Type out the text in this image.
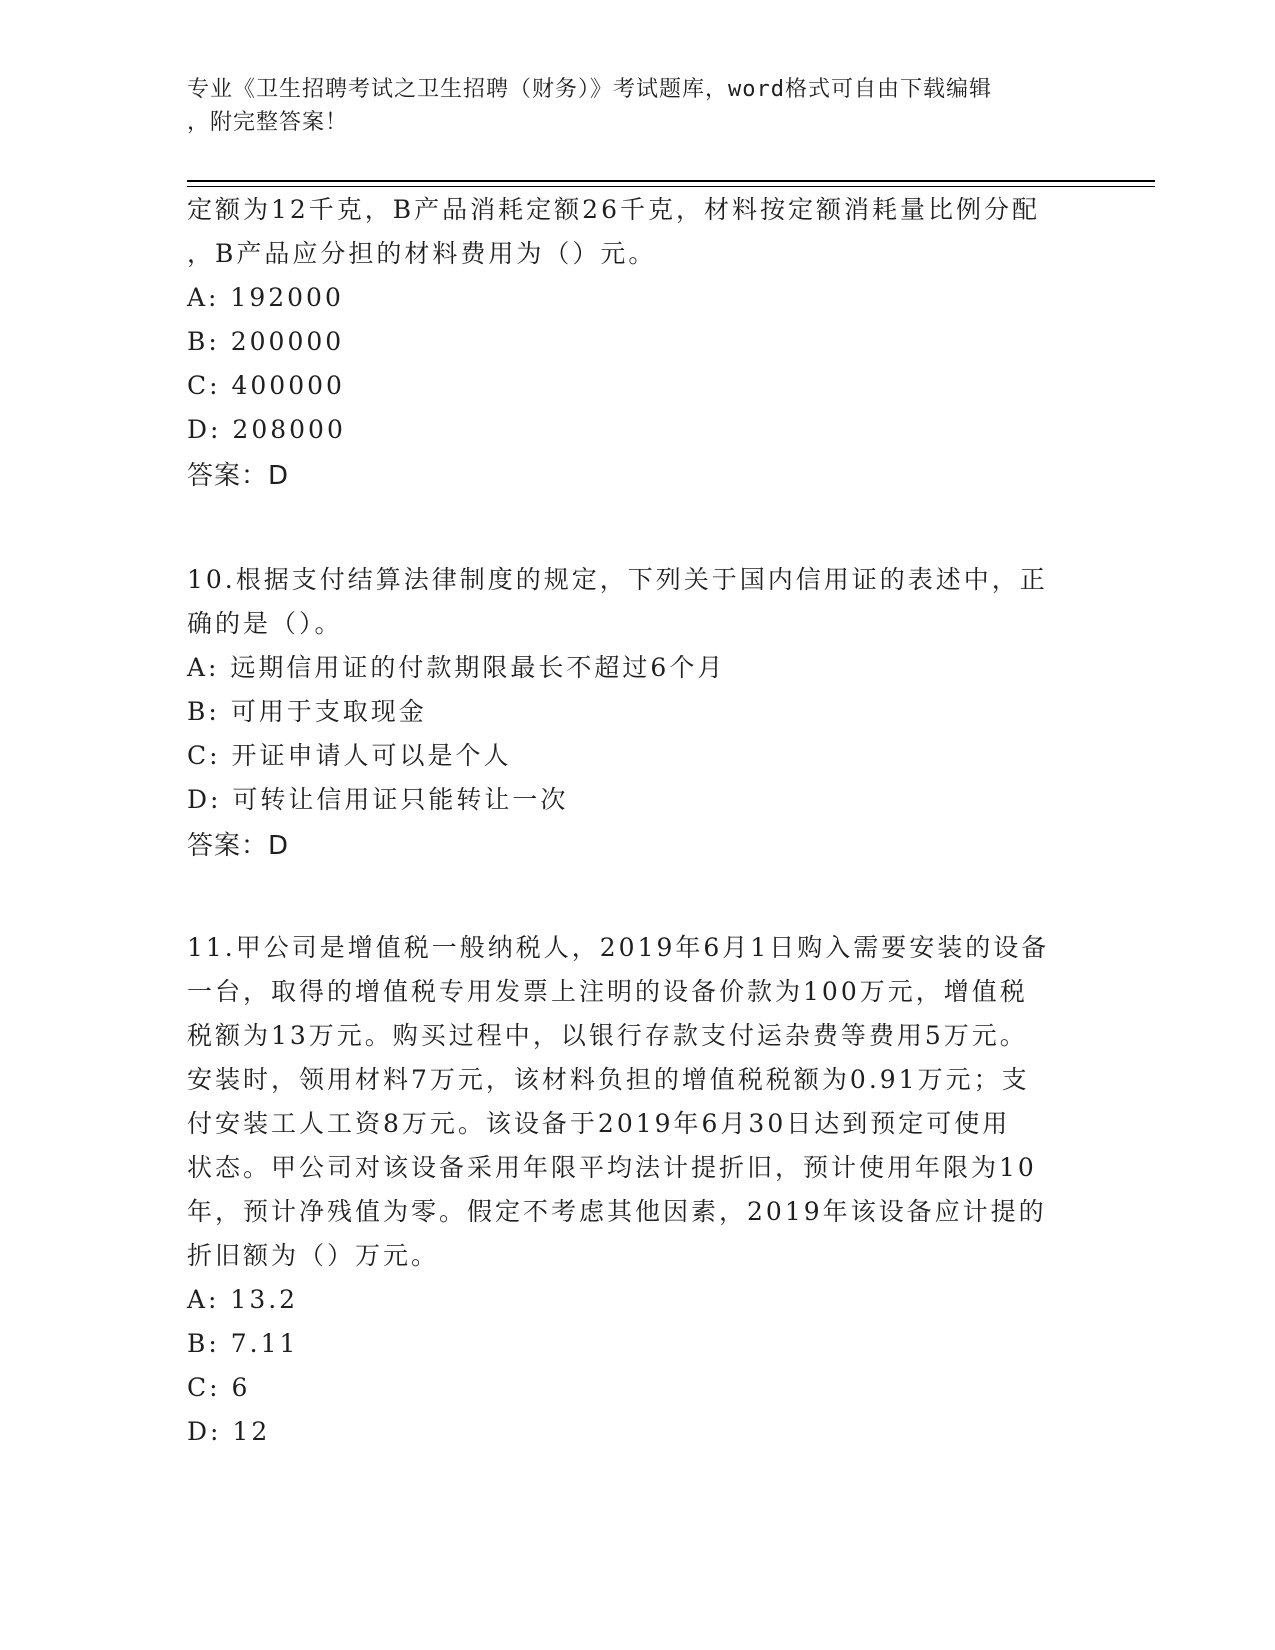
专业《卫生招聘考试之卫生招聘（财务）》考试题库，word格式可自由下载编辑
，附完整答案！
定额为12千克，B产品消耗定额26千克，材料按定额消耗量比例分配
，B产品应分担的材料费用为（）元。
A: 192000
B: 200000
C: 400000
D: 208000
答案：D
10.根据支付结算法律制度的规定，下列关于国内信用证的表述中，正
确的是（）。
A: 远期信用证的付款期限最长不超过6个月
B: 可用于支取现金
C: 开证申请人可以是个人
D: 可转让信用证只能转让一次
答案：D
11.甲公司是增值税一般纳税人，2019年6月1日购入需要安装的设备
一台，取得的增值税专用发票上注明的设备价款为100万元，增值税
税额为13万元。购买过程中，以银行存款支付运杂费等费用5万元。
安装时，领用材料7万元，该材料负担的增值税税额为0.91万元；支
付安装工人工资8万元。该设备于2019年6月30日达到预定可使用
状态。甲公司对该设备采用年限平均法计提折旧，预计使用年限为10
年，预计净残值为零。假定不考虑其他因素，2019年该设备应计提的
折旧额为（）万元。
A: 13.2
B: 7.11
C: 6
D: 12
